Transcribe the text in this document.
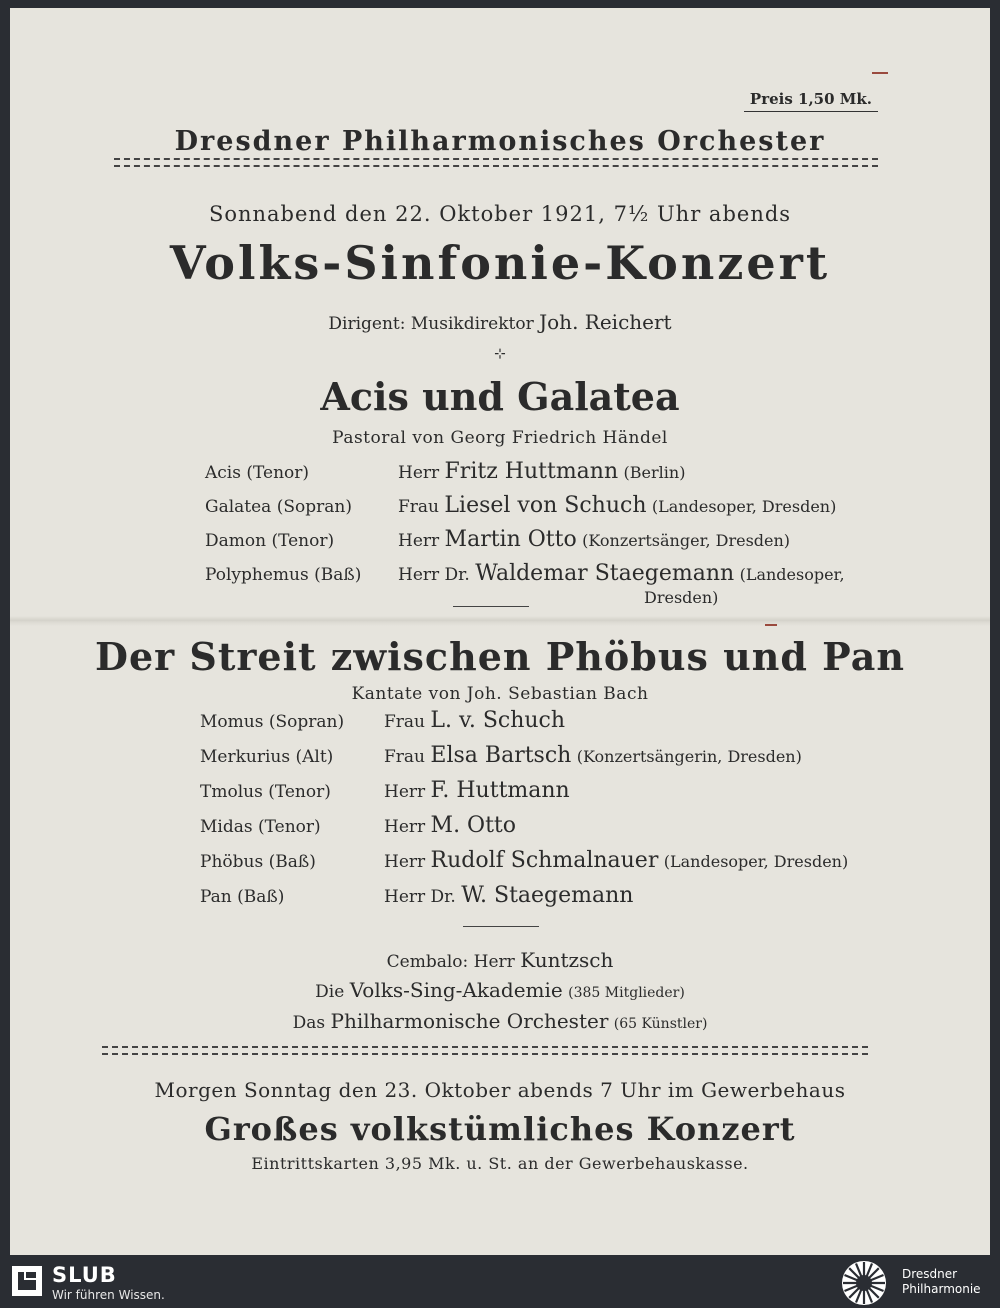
Preis 1,50 Mk.
Dresdner Philharmonisches Orchester
Sonnabend den 22. Oktober 1921, 7½ Uhr abends
Volks-Sinfonie-Konzert
Dirigent: Musikdirektor Joh. Reichert
⊹
Acis und Galatea
Pastoral von Georg Friedrich Händel
Acis (Tenor)	Herr Fritz Huttmann (Berlin)
Galatea (Sopran)	Frau Liesel von Schuch (Landesoper, Dresden)
Damon (Tenor)	Herr Martin Otto (Konzertsänger, Dresden)
Polyphemus (Baß) Herr Dr. Waldemar Staegemann (Landesoper,
Dresden)
Der Streit zwischen Phöbus und Pan
Kantate von Joh. Sebastian Bach
Momus (Sopran) Frau L. v. Schuch
Merkurius (Alt)	Frau Elsa Bartsch (Konzertsängerin, Dresden)
Tmolus (Tenor)	Herr F. Huttmann
Midas (Tenor)	Herr M. Otto
Phöbus (Baß)	Herr Rudolf Schmalnauer (Landesoper, Dresden)
Pan (Baß)	Herr Dr. W. Staegemann
Cembalo: Herr Kuntzsch
Die Volks-Sing-Akademie (385 Mitglieder)
Das Philharmonische Orchester (65 Künstler)
Morgen Sonntag den 23. Oktober abends 7 Uhr im Gewerbehaus
Großes volkstümliches Konzert
Eintrittskarten 3,95 Mk. u. St. an der Gewerbehauskasse.
SLUB
Wir führen Wissen.
Dresdner
Philharmonie
